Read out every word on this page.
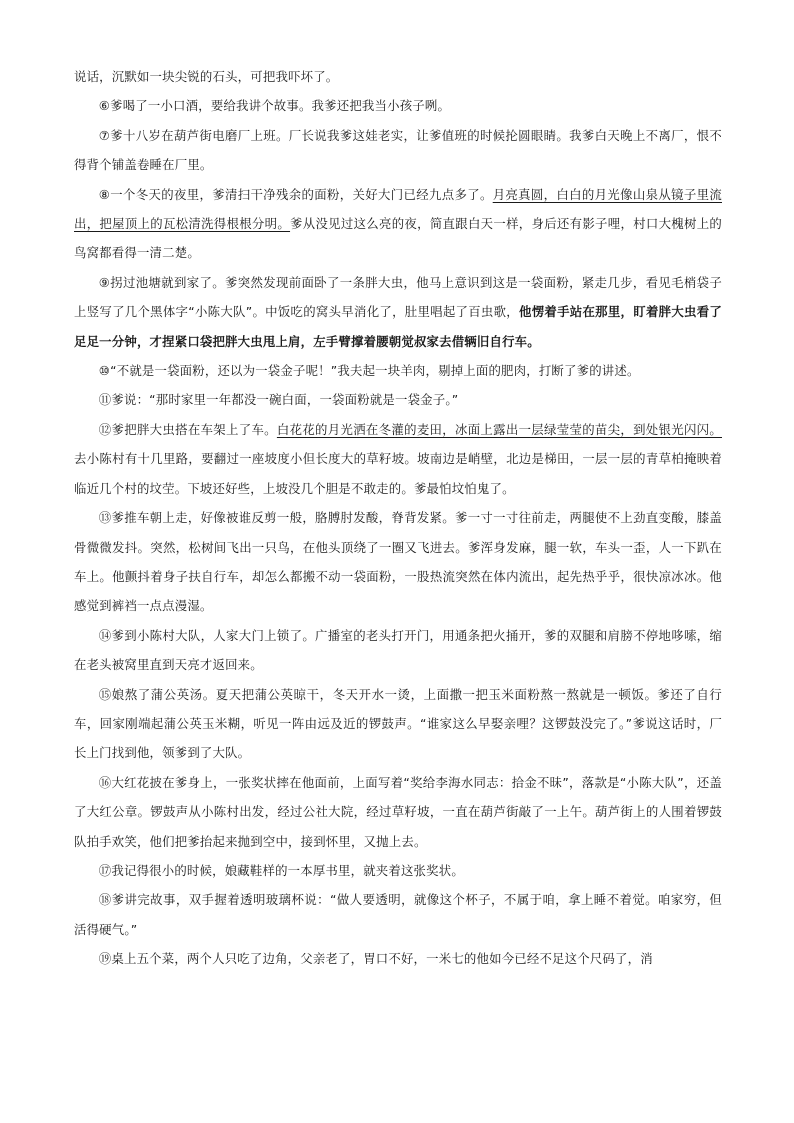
说话，沉默如一块尖锐的石头，可把我吓坏了。

⑥爹喝了一小口酒，要给我讲个故事。我爹还把我当小孩子咧。

⑦爹十八岁在葫芦街电磨厂上班。厂长说我爹这娃老实，让爹值班的时候抡圆眼睛。我爹白天晚上不离厂，恨不得背个铺盖卷睡在厂里。

⑧一个冬天的夜里，爹清扫干净残余的面粉，关好大门已经九点多了。月亮真圆，白白的月光像山泉从镜子里流出，把屋顶上的瓦松清洗得根根分明。爹从没见过这么亮的夜，简直跟白天一样，身后还有影子哩，村口大槐树上的鸟窝都看得一清二楚。

⑨拐过池塘就到家了。爹突然发现前面卧了一条胖大虫，他马上意识到这是一袋面粉，紧走几步，看见毛梢袋子上竖写了几个黑体字“小陈大队”。中饭吃的窝头早消化了，肚里唱起了百虫歌，他愣着手站在那里，盯着胖大虫看了足足一分钟，才捏紧口袋把胖大虫甩上肩，左手臂撑着腰朝觉叔家去借辆旧自行车。

⑩“不就是一袋面粉，还以为一袋金子呢！”我夫起一块羊肉，剔掉上面的肥肉，打断了爹的讲述。

⑪爹说：“那时家里一年都没一碗白面，一袋面粉就是一袋金子。”

⑫爹把胖大虫搭在车架上了车。白花花的月光洒在冬灌的麦田，冰面上露出一层绿莹莹的苗尖，到处银光闪闪。去小陈村有十几里路，要翻过一座坡度小但长度大的草籽坡。坡南边是峭壁，北边是梯田，一层一层的青草柏掩映着临近几个村的坟茔。下坡还好些，上坡没几个胆是不敢走的。爹最怕坟怕鬼了。

⑬爹推车朝上走，好像被谁反剪一般，胳膊肘发酸，脊背发紧。爹一寸一寸往前走，两腿使不上劲直变酸，膝盖骨微微发抖。突然，松树间飞出一只鸟，在他头顶绕了一圈又飞进去。爹浑身发麻，腿一软，车头一歪，人一下趴在车上。他颤抖着身子扶自行车，却怎么都搬不动一袋面粉，一股热流突然在体内流出，起先热乎乎，很快凉冰冰。他感觉到裤裆一点点漫湿。

⑭爹到小陈村大队，人家大门上锁了。广播室的老头打开门，用通条把火捅开，爹的双腿和肩膀不停地哆嗦，缩在老头被窝里直到天亮才返回来。

⑮娘熬了蒲公英汤。夏天把蒲公英晾干，冬天开水一烫，上面撒一把玉米面粉熬一熬就是一顿饭。爹还了自行车，回家刚端起蒲公英玉米糊，听见一阵由远及近的锣鼓声。“谁家这么早娶亲哩？这锣鼓没完了。”爹说这话时，厂长上门找到他，领爹到了大队。

⑯大红花披在爹身上，一张奖状摔在他面前，上面写着“奖给李海水同志：拾金不昧”，落款是“小陈大队”，还盖了大红公章。锣鼓声从小陈村出发，经过公社大院，经过草籽坡，一直在葫芦街敲了一上午。葫芦街上的人围着锣鼓队拍手欢笑，他们把爹抬起来抛到空中，接到怀里，又抛上去。

⑰我记得很小的时候，娘藏鞋样的一本厚书里，就夹着这张奖状。

⑱爹讲完故事，双手握着透明玻璃杯说：“做人要透明，就像这个杯子，不属于咱，拿上睡不着觉。咱家穷，但活得硬气。”

⑲桌上五个菜，两个人只吃了边角，父亲老了，胃口不好，一米七的他如今已经不足这个尺码了，消
